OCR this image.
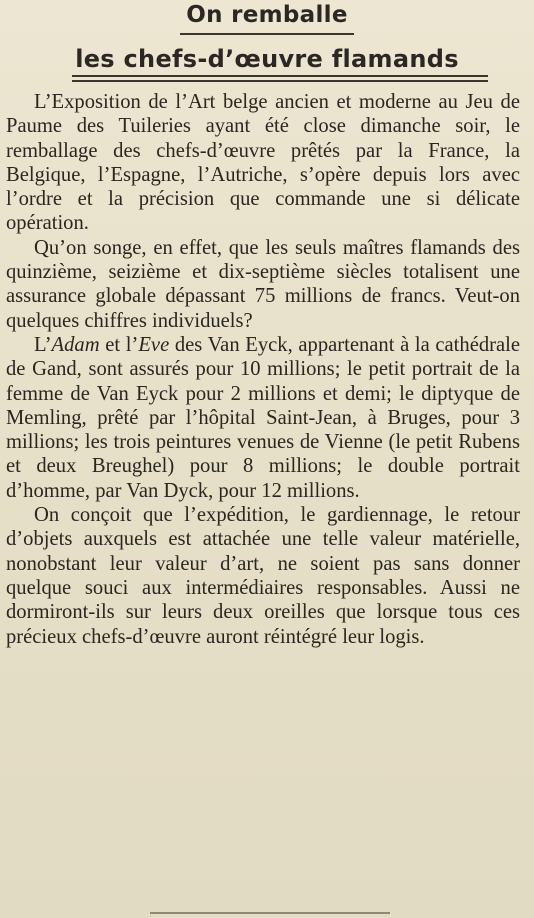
On remballe
les chefs-d’œuvre flamands

L’Exposition de l’Art belge ancien et moderne au Jeu de Paume des Tuileries ayant été close dimanche soir, le remballage des chefs-d’œuvre prêtés par la France, la Belgique, l’Espagne, l’Autriche, s’opère depuis lors avec l’ordre et la précision que commande une si délicate opération.

Qu’on songe, en effet, que les seuls maîtres flamands des quinzième, seizième et dix-septième siècles totalisent une assurance globale dépassant 75 millions de francs. Veut-on quelques chiffres individuels?

L’Adam et l’Eve des Van Eyck, appartenant à la cathédrale de Gand, sont assurés pour 10 millions; le petit portrait de la femme de Van Eyck pour 2 millions et demi; le diptyque de Memling, prêté par l’hôpital Saint-Jean, à Bruges, pour 3 millions; les trois peintures venues de Vienne (le petit Rubens et deux Breughel) pour 8 millions; le double portrait d’homme, par Van Dyck, pour 12 millions.

On conçoit que l’expédition, le gardiennage, le retour d’objets auxquels est attachée une telle valeur matérielle, nonobstant leur valeur d’art, ne soient pas sans donner quelque souci aux intermédiaires responsables. Aussi ne dormiront-ils sur leurs deux oreilles que lorsque tous ces précieux chefs-d’œuvre auront réintégré leur logis.
